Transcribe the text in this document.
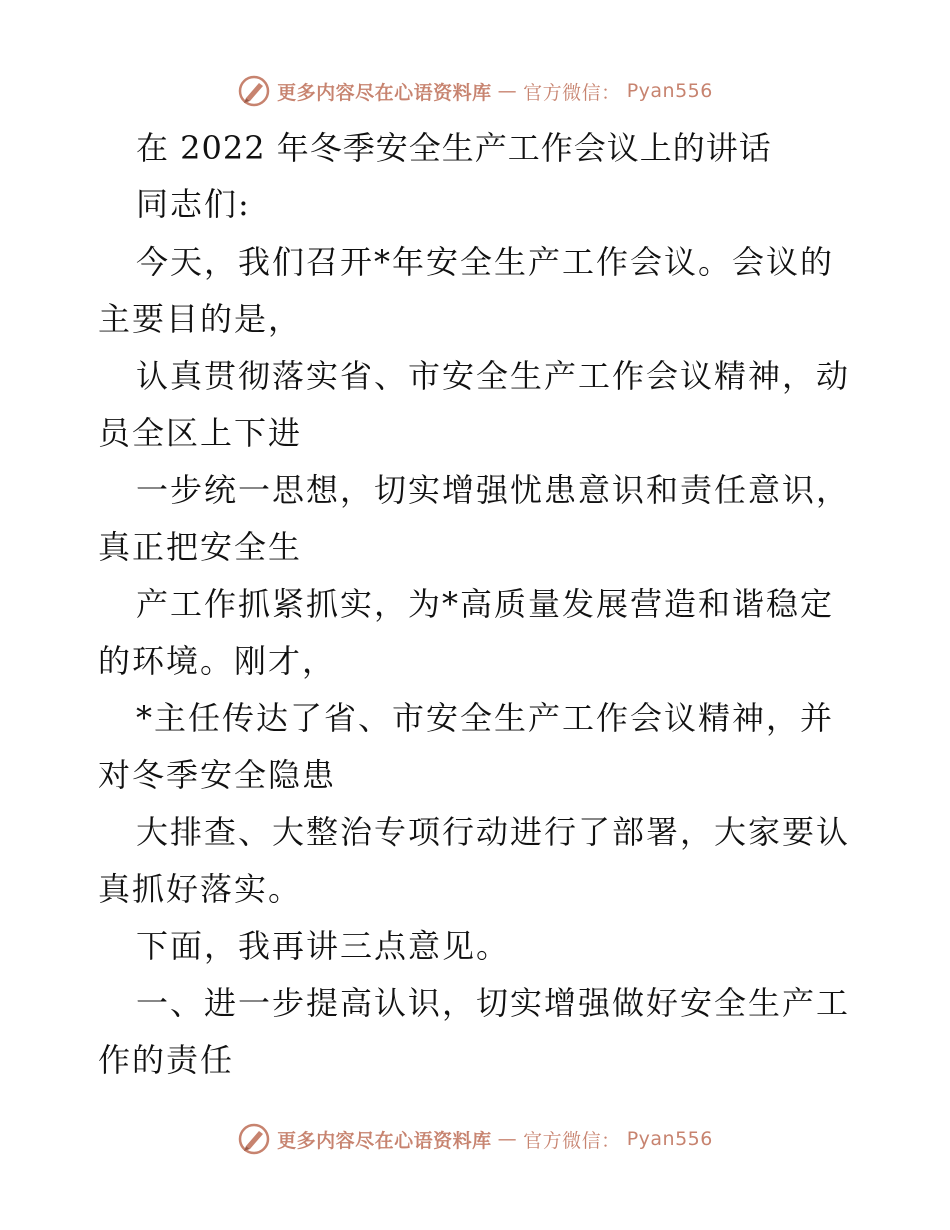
更多内容尽在心语资料库 — 官方微信： Pyan556
在 2022 年冬季安全生产工作会议上的讲话
同志们:

今天，我们召开*年安全生产工作会议。会议的主要目的是，

认真贯彻落实省、市安全生产工作会议精神，动员全区上下进

一步统一思想，切实增强忧患意识和责任意识，真正把安全生

产工作抓紧抓实，为*高质量发展营造和谐稳定的环境。刚才，

*主任传达了省、市安全生产工作会议精神，并对冬季安全隐患

大排查、大整治专项行动进行了部署，大家要认真抓好落实。

下面，我再讲三点意见。

一、进一步提高认识，切实增强做好安全生产工作的责任

更多内容尽在心语资料库 — 官方微信： Pyan556
